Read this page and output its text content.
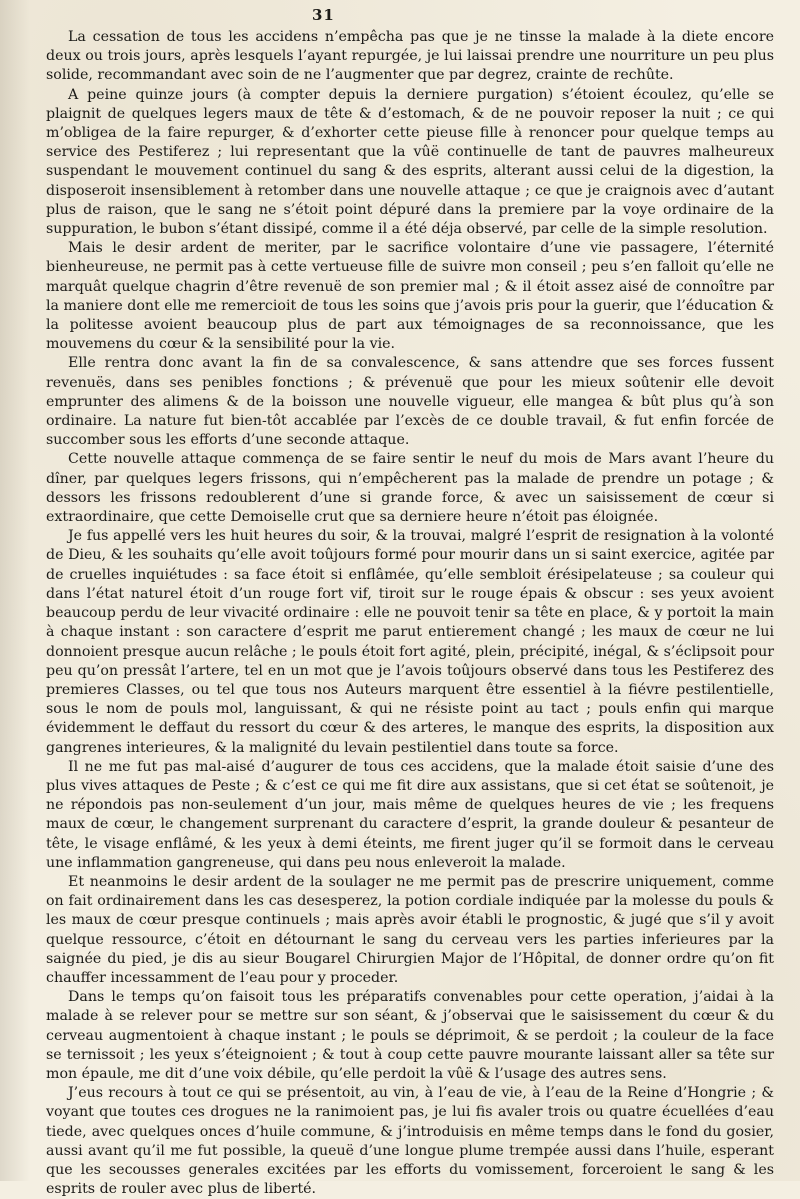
31

La cessation de tous les accidens n’empêcha pas que je ne tinsse la malade à la diete encore deux ou trois jours, après lesquels l’ayant repurgée, je lui laissai prendre une nourriture un peu plus solide, recommandant avec soin de ne l’augmenter que par degrez, crainte de rechûte.

A peine quinze jours (à compter depuis la derniere purgation) s’étoient écoulez, qu’elle se plaignit de quelques legers maux de tête & d’estomach, & de ne pouvoir reposer la nuit ; ce qui m’obligea de la faire repurger, & d’exhorter cette pieuse fille à renoncer pour quelque temps au service des Pestiferez ; lui representant que la vûë continuelle de tant de pauvres malheureux suspendant le mouvement continuel du sang & des esprits, alterant aussi celui de la digestion, la disposeroit insensiblement à retomber dans une nouvelle attaque ; ce que je craignois avec d’autant plus de raison, que le sang ne s’étoit point dépuré dans la premiere par la voye ordinaire de la suppuration, le bubon s’étant dissipé, comme il a été déja observé, par celle de la simple resolution.

Mais le desir ardent de meriter, par le sacrifice volontaire d’une vie passagere, l’éternité bienheureuse, ne permit pas à cette vertueuse fille de suivre mon conseil ; peu s’en falloit qu’elle ne marquât quelque chagrin d’être revenuë de son premier mal ; & il étoit assez aisé de connoître par la maniere dont elle me remercioit de tous les soins que j’avois pris pour la guerir, que l’éducation & la politesse avoient beaucoup plus de part aux témoignages de sa reconnoissance, que les mouvemens du cœur & la sensibilité pour la vie.

Elle rentra donc avant la fin de sa convalescence, & sans attendre que ses forces fussent revenuës, dans ses penibles fonctions ; & prévenuë que pour les mieux soûtenir elle devoit emprunter des alimens & de la boisson une nouvelle vigueur, elle mangea & bût plus qu’à son ordinaire. La nature fut bien-tôt accablée par l’excès de ce double travail, & fut enfin forcée de succomber sous les efforts d’une seconde attaque.

Cette nouvelle attaque commença de se faire sentir le neuf du mois de Mars avant l’heure du dîner, par quelques legers frissons, qui n’empêcherent pas la malade de prendre un potage ; & dessors les frissons redoublerent d’une si grande force, & avec un saisissement de cœur si extraordinaire, que cette Demoiselle crut que sa derniere heure n’étoit pas éloignée.

Je fus appellé vers les huit heures du soir, & la trouvai, malgré l’esprit de resignation à la volonté de Dieu, & les souhaits qu’elle avoit toûjours formé pour mourir dans un si saint exercice, agitée par de cruelles inquiétudes : sa face étoit si enflâmée, qu’elle sembloit érésipelateuse ; sa couleur qui dans l’état naturel étoit d’un rouge fort vif, tiroit sur le rouge épais & obscur : ses yeux avoient beaucoup perdu de leur vivacité ordinaire : elle ne pouvoit tenir sa tête en place, & y portoit la main à chaque instant : son caractere d’esprit me parut entierement changé ; les maux de cœur ne lui donnoient presque aucun relâche ; le pouls étoit fort agité, plein, précipité, inégal, & s’éclipsoit pour peu qu’on pressât l’artere, tel en un mot que je l’avois toûjours observé dans tous les Pestiferez des premieres Classes, ou tel que tous nos Auteurs marquent être essentiel à la fiévre pestilentielle, sous le nom de pouls mol, languissant, & qui ne résiste point au tact ; pouls enfin qui marque évidemment le deffaut du ressort du cœur & des arteres, le manque des esprits, la disposition aux gangrenes interieures, & la malignité du levain pestilentiel dans toute sa force.

Il ne me fut pas mal-aisé d’augurer de tous ces accidens, que la malade étoit saisie d’une des plus vives attaques de Peste ; & c’est ce qui me fit dire aux assistans, que si cet état se soûtenoit, je ne répondois pas non-seulement d’un jour, mais même de quelques heures de vie ; les frequens maux de cœur, le changement surprenant du caractere d’esprit, la grande douleur & pesanteur de tête, le visage enflâmé, & les yeux à demi éteints, me firent juger qu’il se formoit dans le cerveau une inflammation gangreneuse, qui dans peu nous enleveroit la malade.

Et neanmoins le desir ardent de la soulager ne me permit pas de prescrire uniquement, comme on fait ordinairement dans les cas desesperez, la potion cordiale indiquée par la molesse du pouls & les maux de cœur presque continuels ; mais après avoir établi le prognostic, & jugé que s’il y avoit quelque ressource, c’étoit en détournant le sang du cerveau vers les parties inferieures par la saignée du pied, je dis au sieur Bougarel Chirurgien Major de l’Hôpital, de donner ordre qu’on fit chauffer incessamment de l’eau pour y proceder.

Dans le temps qu’on faisoit tous les préparatifs convenables pour cette operation, j’aidai à la malade à se relever pour se mettre sur son séant, & j’observai que le saisissement du cœur & du cerveau augmentoient à chaque instant ; le pouls se déprimoit, & se perdoit ; la couleur de la face se ternissoit ; les yeux s’éteignoient ; & tout à coup cette pauvre mourante laissant aller sa tête sur mon épaule, me dit d’une voix débile, qu’elle perdoit la vûë & l’usage des autres sens.

J’eus recours à tout ce qui se présentoit, au vin, à l’eau de vie, à l’eau de la Reine d’Hongrie ; & voyant que toutes ces drogues ne la ranimoient pas, je lui fis avaler trois ou quatre écuellées d’eau tiede, avec quelques onces d’huile commune, & j’introduisis en même temps dans le fond du gosier, aussi avant qu’il me fut possible, la queuë d’une longue plume trempée aussi dans l’huile, esperant que les secousses generales excitées par les efforts du vomissement, forceroient le sang & les esprits de rouler avec plus de liberté.
